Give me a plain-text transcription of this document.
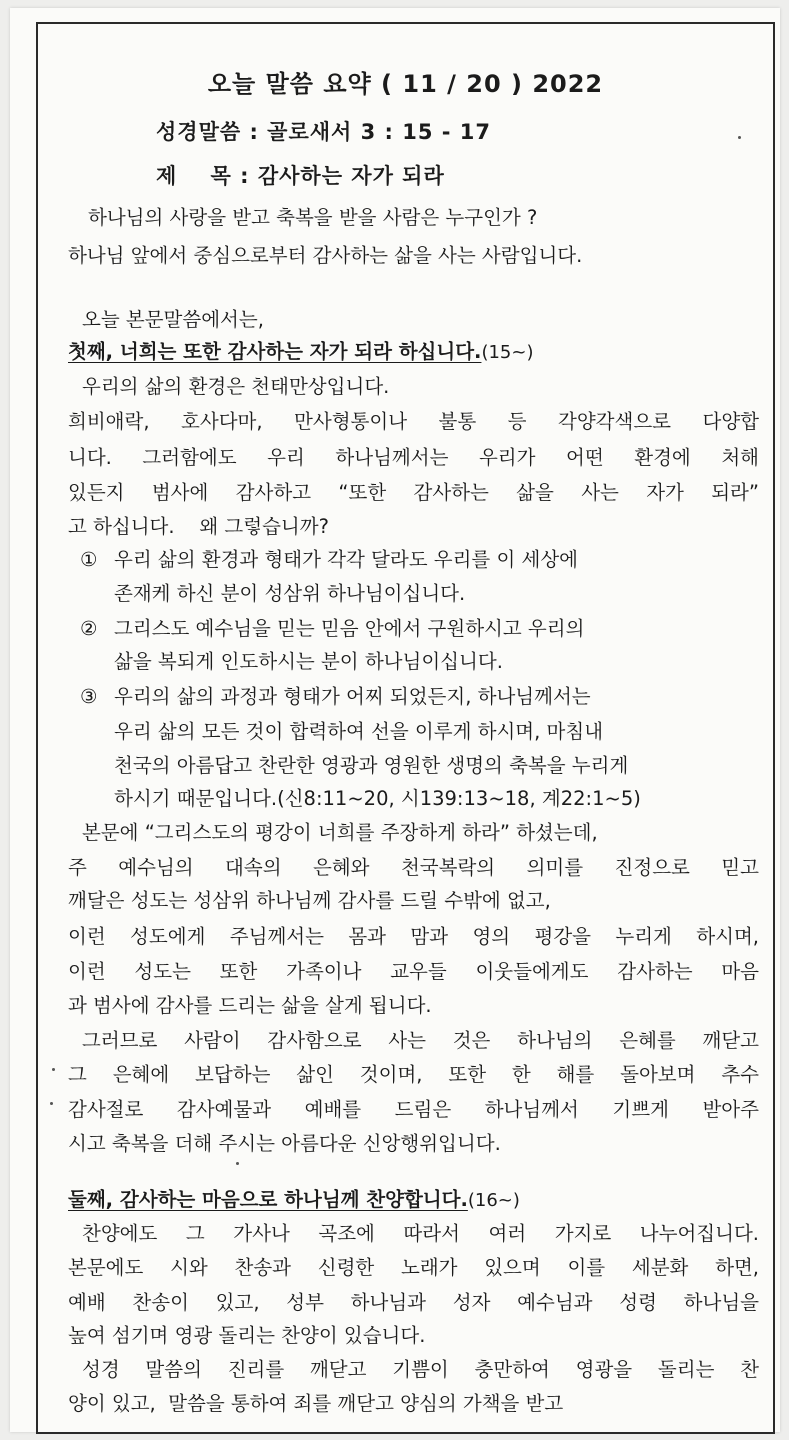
오늘 말씀 요약 ( 11 / 20 ) 2022
성경말씀 : 골로새서 3 : 15 - 17
제    목 : 감사하는 자가 되라
하나님의 사랑을 받고 축복을 받을 사람은 누구인가 ?
하나님 앞에서 중심으로부터 감사하는 삶을 사는 사람입니다.
오늘 본문말씀에서는,
첫째, 너희는 또한 감사하는 자가 되라 하십니다.(15~)
우리의 삶의 환경은 천태만상입니다.
희비애락, 호사다마, 만사형통이나 불통 등 각양각색으로 다양합
니다. 그러함에도 우리 하나님께서는 우리가 어떤 환경에 처해
있든지 범사에 감사하고 “또한 감사하는 삶을 사는 자가 되라”
고 하십니다.    왜 그렇습니까?
① 우리 삶의 환경과 형태가 각각 달라도 우리를 이 세상에
존재케 하신 분이 성삼위 하나님이십니다.
② 그리스도 예수님을 믿는 믿음 안에서 구원하시고 우리의
삶을 복되게 인도하시는 분이 하나님이십니다.
③ 우리의 삶의 과정과 형태가 어찌 되었든지, 하나님께서는
우리 삶의 모든 것이 합력하여 선을 이루게 하시며, 마침내
천국의 아름답고 찬란한 영광과 영원한 생명의 축복을 누리게
하시기 때문입니다.(신8:11~20, 시139:13~18, 계22:1~5)
본문에 “그리스도의 평강이 너희를 주장하게 하라” 하셨는데,
주 예수님의 대속의 은혜와 천국복락의 의미를 진정으로 믿고
깨달은 성도는 성삼위 하나님께 감사를 드릴 수밖에 없고,
이런 성도에게 주님께서는 몸과 맘과 영의 평강을 누리게 하시며,
이런 성도는 또한 가족이나 교우들 이웃들에게도 감사하는 마음
과 범사에 감사를 드리는 삶을 살게 됩니다.
그러므로 사람이 감사함으로 사는 것은 하나님의 은혜를 깨닫고
그 은혜에 보답하는 삶인 것이며, 또한 한 해를 돌아보며 추수
감사절로 감사예물과 예배를 드림은 하나님께서 기쁘게 받아주
시고 축복을 더해 주시는 아름다운 신앙행위입니다.
둘째, 감사하는 마음으로 하나님께 찬양합니다.(16~)
찬양에도 그 가사나 곡조에 따라서 여러 가지로 나누어집니다.
본문에도 시와 찬송과 신령한 노래가 있으며 이를 세분화 하면,
예배 찬송이 있고, 성부 하나님과 성자 예수님과 성령 하나님을
높여 섬기며 영광 돌리는 찬양이 있습니다.
성경 말씀의 진리를 깨닫고 기쁨이 충만하여 영광을 돌리는 찬
양이 있고,  말씀을 통하여 죄를 깨닫고 양심의 가책을 받고
